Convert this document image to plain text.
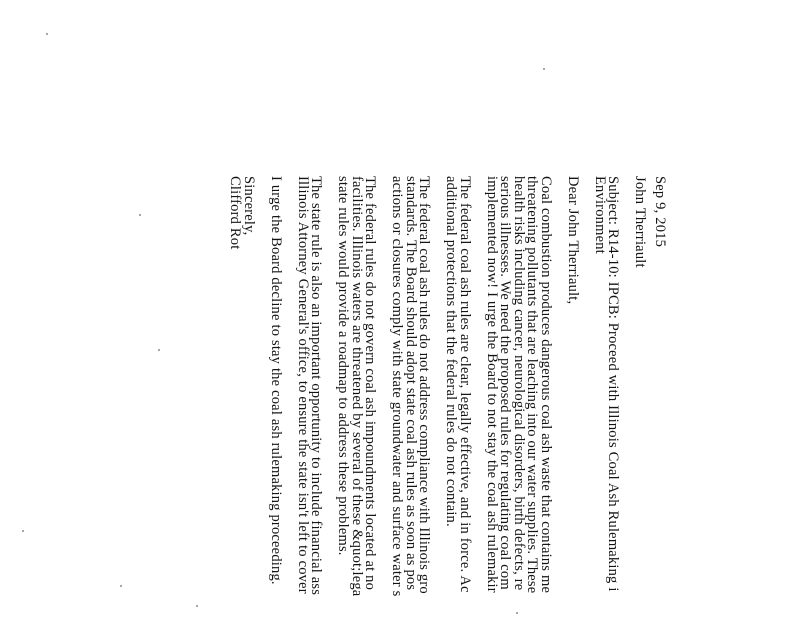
Sep 9, 2015
John Therriault
Subject: R14-10: IPCB: Proceed with Illinois Coal Ash Rulemaking i
Environment
Dear John Therriault,
Coal combustion produces dangerous coal ash waste that contains me
threatening pollutants that are leaching into our water supplies. These
health risks including cancer, neurological disorders, birth defects, re
serious illnesses. We need the proposed rules for regulating coal com
implemented now! I urge the Board to not stay the coal ash rulemakir
The federal coal ash rules are clear, legally effective, and in force. Ac
additional protections that the federal rules do not contain.
The federal coal ash rules do not address compliance with Illinois gro
standards. The Board should adopt state coal ash rules as soon as pos
actions or closures comply with state groundwater and surface water s
The federal rules do not govern coal ash impoundments located at no
facilities. Illinois waters are threatened by several of these &quot;lega
state rules would provide a roadmap to address these problems.
The state rule is also an important opportunity to include financial ass
Illinois Attorney General's office, to ensure the state isn't left to cover
I urge the Board decline to stay the coal ash rulemaking proceeding.
Sincerely,
Clifford Rot
